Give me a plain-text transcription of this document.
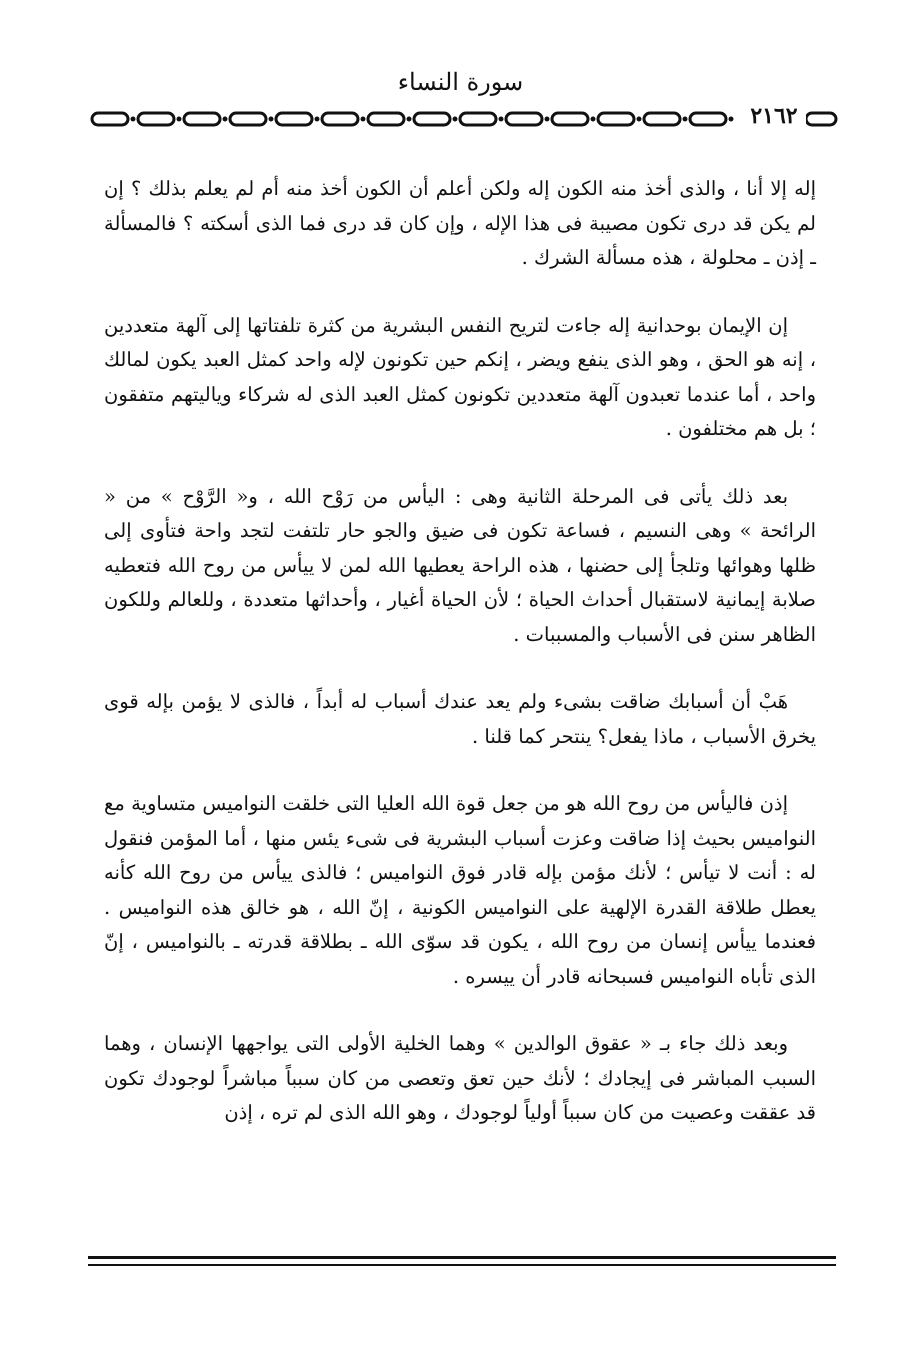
سورة النساء
٢١٦٢

إله إلا أنا ، والذى أخذ منه الكون إله ولكن أعلم أن الكون أخذ منه أم لم يعلم بذلك ؟ إن لم يكن قد درى تكون مصيبة فى هذا الإله ، وإن كان قد درى فما الذى أسكته ؟ فالمسألة ـ إذن ـ محلولة ، هذه مسألة الشرك .

إن الإيمان بوحدانية إله جاءت لتريح النفس البشرية من كثرة تلفتاتها إلى آلهة متعددين ، إنه هو الحق ، وهو الذى ينفع ويضر ، إنكم حين تكونون لإله واحد كمثل العبد يكون لمالك واحد ، أما عندما تعبدون آلهة متعددين تكونون كمثل العبد الذى له شركاء وياليتهم متفقون ؛ بل هم مختلفون .

بعد ذلك يأتى فى المرحلة الثانية وهى : اليأس من رَوْح الله ، و« الرَّوْح » من « الرائحة » وهى النسيم ، فساعة تكون فى ضيق والجو حار تلتفت لتجد واحة فتأوى إلى ظلها وهوائها وتلجأ إلى حضنها ، هذه الراحة يعطيها الله لمن لا ييأس من روح الله فتعطيه صلابة إيمانية لاستقبال أحداث الحياة ؛ لأن الحياة أغيار ، وأحداثها متعددة ، وللعالم وللكون الظاهر سنن فى الأسباب والمسببات .

هَبْ أن أسبابك ضاقت بشىء ولم يعد عندك أسباب له أبداً ، فالذى لا يؤمن بإله قوى يخرق الأسباب ، ماذا يفعل؟ ينتحر كما قلنا .

إذن فاليأس من روح الله هو من جعل قوة الله العليا التى خلقت النواميس متساوية مع النواميس بحيث إذا ضاقت وعزت أسباب البشرية فى شىء يئس منها ، أما المؤمن فنقول له : أنت لا تيأس ؛ لأنك مؤمن بإله قادر فوق النواميس ؛ فالذى ييأس من روح الله كأنه يعطل طلاقة القدرة الإلهية على النواميس الكونية ، إنّ الله ، هو خالق هذه النواميس . فعندما ييأس إنسان من روح الله ، يكون قد سوّى الله ـ بطلاقة قدرته ـ بالنواميس ، إنّ الذى تأباه النواميس فسبحانه قادر أن ييسره .

وبعد ذلك جاء بـ « عقوق الوالدين » وهما الخلية الأولى التى يواجهها الإنسان ، وهما السبب المباشر فى إيجادك ؛ لأنك حين تعق وتعصى من كان سبباً مباشراً لوجودك تكون قد عققت وعصيت من كان سبباً أولياً لوجودك ، وهو الله الذى لم تره ، إذن
